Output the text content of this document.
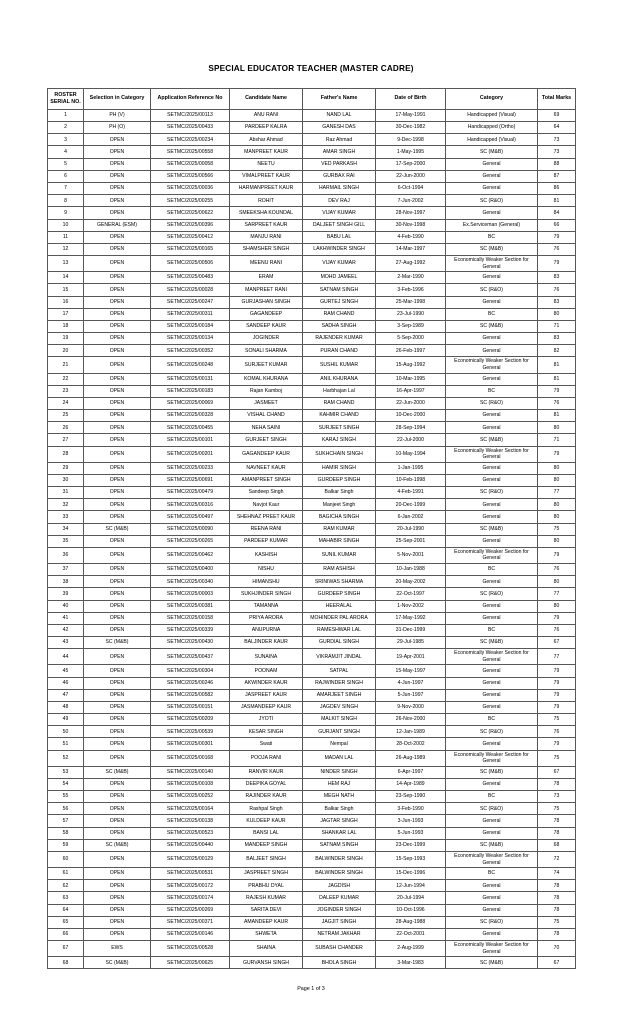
SPECIAL EDUCATOR TEACHER (MASTER CADRE)
ROSTER SERIAL NO.	Selection in Category	Application Reference No	Candidate Name	Father's Name	Date of Birth	Category	Total Marks
1	PH (V)	SETMC/2025/00113	ANU RANI	NAND LAL	17-May-1991	Handicapped (Visual)	69
2	PH (O)	SETMC/2025/00433	PARDEEP KALRA	GANESH DAS	30-Dec-1982	Handicapped (Ortho)	64
3	OPEN	SETMC/2025/00234	Abshar Ahmad	Raz Ahmad	9-Dec-1998	Handicapped (Visual)	73
4	OPEN	SETMC/2025/00558	MANPREET KAUR	AMAR SINGH	1-May-1995	SC (M&B)	73
5	OPEN	SETMC/2025/00058	NEETU	VED PARKASH	17-Sep-2000	General	88
6	OPEN	SETMC/2025/00566	VIMALPREET KAUR	GURBAX RAI	22-Jun-2000	General	87
7	OPEN	SETMC/2025/00036	HARMANPREET KAUR	HARMAIL SINGH	6-Oct-1994	General	86
8	OPEN	SETMC/2025/00255	ROHIT	DEV RAJ	7-Jun-2002	SC (R&O)	81
9	OPEN	SETMC/2025/00622	SMEEKSHA KOUNDAL	VIJAY KUMAR	28-Nov-1997	General	84
10	GENERAL (ESM)	SETMC/2025/00396	SARPREET KAUR	DALJEET SINGH GILL	30-Nov-1998	Ex.Serviceman (General)	66
11	OPEN	SETMC/2025/00412	MANJU RANI	BABU LAL	4-Feb-1990	BC	79
12	OPEN	SETMC/2025/00165	SHAMSHER SINGH	LAKHWINDER SINGH	14-Mar-1997	SC (M&B)	76
13	OPEN	SETMC/2025/00506	MEENU RANI	VIJAY KUMAR	27-Aug-1992	Economically Weaker Section for General	79
14	OPEN	SETMC/2025/00483	ERAM	MOHD JAMEEL	2-Mar-1990	General	83
15	OPEN	SETMC/2025/00028	MANPREET RANI	SATNAM SINGH	3-Feb-1996	SC (R&O)	76
16	OPEN	SETMC/2025/00247	GURJASHAN SINGH	GURTEJ SINGH	25-Mar-1998	General	83
17	OPEN	SETMC/2025/00311	GAGANDEEP	RAM CHAND	23-Jul-1990	BC	80
18	OPEN	SETMC/2025/00184	SANDEEP KAUR	SADHA SINGH	3-Sep-1989	SC (M&B)	71
19	OPEN	SETMC/2025/00134	JOGINDER	RAJENDER KUMAR	5-Sep-2000	General	83
20	OPEN	SETMC/2025/00352	SONALI SHARMA	PURAN CHAND	26-Feb-1997	General	82
21	OPEN	SETMC/2025/00248	SURJEET KUMAR	SUSHIL KUMAR	15-Aug-1992	Economically Weaker Section for General	81
22	OPEN	SETMC/2025/00131	KOMAL KHURANA	ANIL KHURANA	10-Mar-1995	General	81
23	OPEN	SETMC/2025/00183	Rajan Kamboj	Harbhajan Lal	16-Apr-1997	BC	79
24	OPEN	SETMC/2025/00069	JASMEET	RAM CHAND	22-Jun-2000	SC (R&O)	76
25	OPEN	SETMC/2025/00328	VISHAL CHAND	KAHMIR CHAND	10-Dec-2000	General	81
26	OPEN	SETMC/2025/00455	NEHA SAINI	SURJEET SINGH	28-Sep-1994	General	80
27	OPEN	SETMC/2025/00101	GURJEET SINGH	KARAJ SINGH	22-Jul-2000	SC (M&B)	71
28	OPEN	SETMC/2025/00201	GAGANDEEP KAUR	SUKHCHAIN SINGH	10-May-1994	Economically Weaker Section for General	79
29	OPEN	SETMC/2025/00233	NAVNEET KAUR	HAMIR SINGH	1-Jan-1995	General	80
30	OPEN	SETMC/2025/00691	AMANPREET SINGH	GURDEEP SINGH	10-Feb-1998	General	80
31	OPEN	SETMC/2025/00479	Sandeep Singh	Balkar Singh	4-Feb-1991	SC (R&O)	77
32	OPEN	SETMC/2025/00316	Navjot Kaur	Manjeet Singh	20-Dec-1999	General	80
33	OPEN	SETMC/2025/00497	SHEHNAZ PREET KAUR	BAGICHA SINGH	6-Jan-2002	General	80
34	SC (M&B)	SETMC/2025/00090	REENA RANI	RAM KUMAR	20-Jul-1990	SC (M&B)	75
35	OPEN	SETMC/2025/00265	PARDEEP KUMAR	MAHABIR SINGH	25-Sep-2001	General	80
36	OPEN	SETMC/2025/00462	KASHISH	SUNIL KUMAR	5-Nov-2001	Economically Weaker Section for General	79
37	OPEN	SETMC/2025/00400	NISHU	RAM ASHISH	10-Jan-1988	BC	76
38	OPEN	SETMC/2025/00340	HIMANSHU	SRINIWAS SHARMA	20-May-2002	General	80
39	OPEN	SETMC/2025/00003	SUKHJINDER SINGH	GURDEEP SINGH	22-Oct-1997	SC (R&O)	77
40	OPEN	SETMC/2025/00381	TAMANNA	HEERALAL	1-Nov-2002	General	80
41	OPEN	SETMC/2025/00158	PRIYA ARORA	MOHINDER PAL ARORA	17-May-1992	General	79
42	OPEN	SETMC/2025/00339	ANUPURNA	RAMESHWAR LAL	31-Dec-1999	BC	76
43	SC (M&B)	SETMC/2025/00430	BALJINDER KAUR	GURDIAL SINGH	29-Jul-1985	SC (M&B)	67
44	OPEN	SETMC/2025/00437	SUNAINA	VIKRAMJIT JINDAL	19-Apr-2001	Economically Weaker Section for General	77
45	OPEN	SETMC/2025/00304	POONAM	SATPAL	15-May-1997	General	79
46	OPEN	SETMC/2025/00246	AKWINDER KAUR	RAJWINDER SINGH	4-Jun-1997	General	79
47	OPEN	SETMC/2025/00582	JASPREET KAUR	AMARJEET SINGH	5-Jun-1997	General	79
48	OPEN	SETMC/2025/00151	JASMANDEEP KAUR	JAGDEV SINGH	9-Nov-2000	General	79
49	OPEN	SETMC/2025/00209	JYOTI	MALKIT SINGH	26-Nov-2000	BC	75
50	OPEN	SETMC/2025/00539	KESAR SINGH	GURJANT SINGH	12-Jan-1989	SC (R&O)	76
51	OPEN	SETMC/2025/00301	Swati	Nempal	28-Oct-2002	General	79
52	OPEN	SETMC/2025/00168	POOJA RANI	MADAN LAL	26-Aug-1989	Economically Weaker Section for General	75
53	SC (M&B)	SETMC/2025/00140	RANVIR KAUR	NINDER SINGH	6-Apr-1997	SC (M&B)	67
54	OPEN	SETMC/2025/00108	DEEPIKA GOYAL	HEM RAJ	14-Apr-1989	General	78
55	OPEN	SETMC/2025/00252	RAJINDER KAUR	MEGH NATH	23-Sep-1990	BC	73
56	OPEN	SETMC/2025/00164	Rashpal Singh	Balkar Singh	3-Feb-1990	SC (R&O)	75
57	OPEN	SETMC/2025/00138	KULDEEP KAUR	JAGTAR SINGH	3-Jun-1993	General	78
58	OPEN	SETMC/2025/00523	BANSI LAL	SHANKAR LAL	5-Jun-1993	General	78
59	SC (M&B)	SETMC/2025/00440	MANDEEP SINGH	SATNAM SINGH	23-Dec-1999	SC (M&B)	68
60	OPEN	SETMC/2025/00129	BALJEET SINGH	BALWINDER SINGH	15-Sep-1993	Economically Weaker Section for General	72
61	OPEN	SETMC/2025/00531	JASPREET SINGH	BALWINDER SINGH	15-Dec-1996	BC	74
62	OPEN	SETMC/2025/00172	PRABHU DYAL	JAGDISH	12-Jun-1994	General	78
63	OPEN	SETMC/2025/00174	RAJESH KUMAR	DALEEP KUMAR	20-Jul-1994	General	78
64	OPEN	SETMC/2025/00269	SARITA DEVI	JOGINDER SINGH	10-Oct-1996	General	78
65	OPEN	SETMC/2025/00371	AMANDEEP KAUR	JAGJIT SINGH	28-Aug-1988	SC (R&O)	75
66	OPEN	SETMC/2025/00146	SHWETA	NETRAM JAKHAR	22-Oct-2001	General	78
67	EWS	SETMC/2025/00528	SHAINA	SUBASH CHANDER	2-Aug-1999	Economically Weaker Section for General	70
68	SC (M&B)	SETMC/2025/00625	GURVANSH SINGH	BHOLA SINGH	3-Mar-1983	SC (M&B)	67
Page 1 of 3
